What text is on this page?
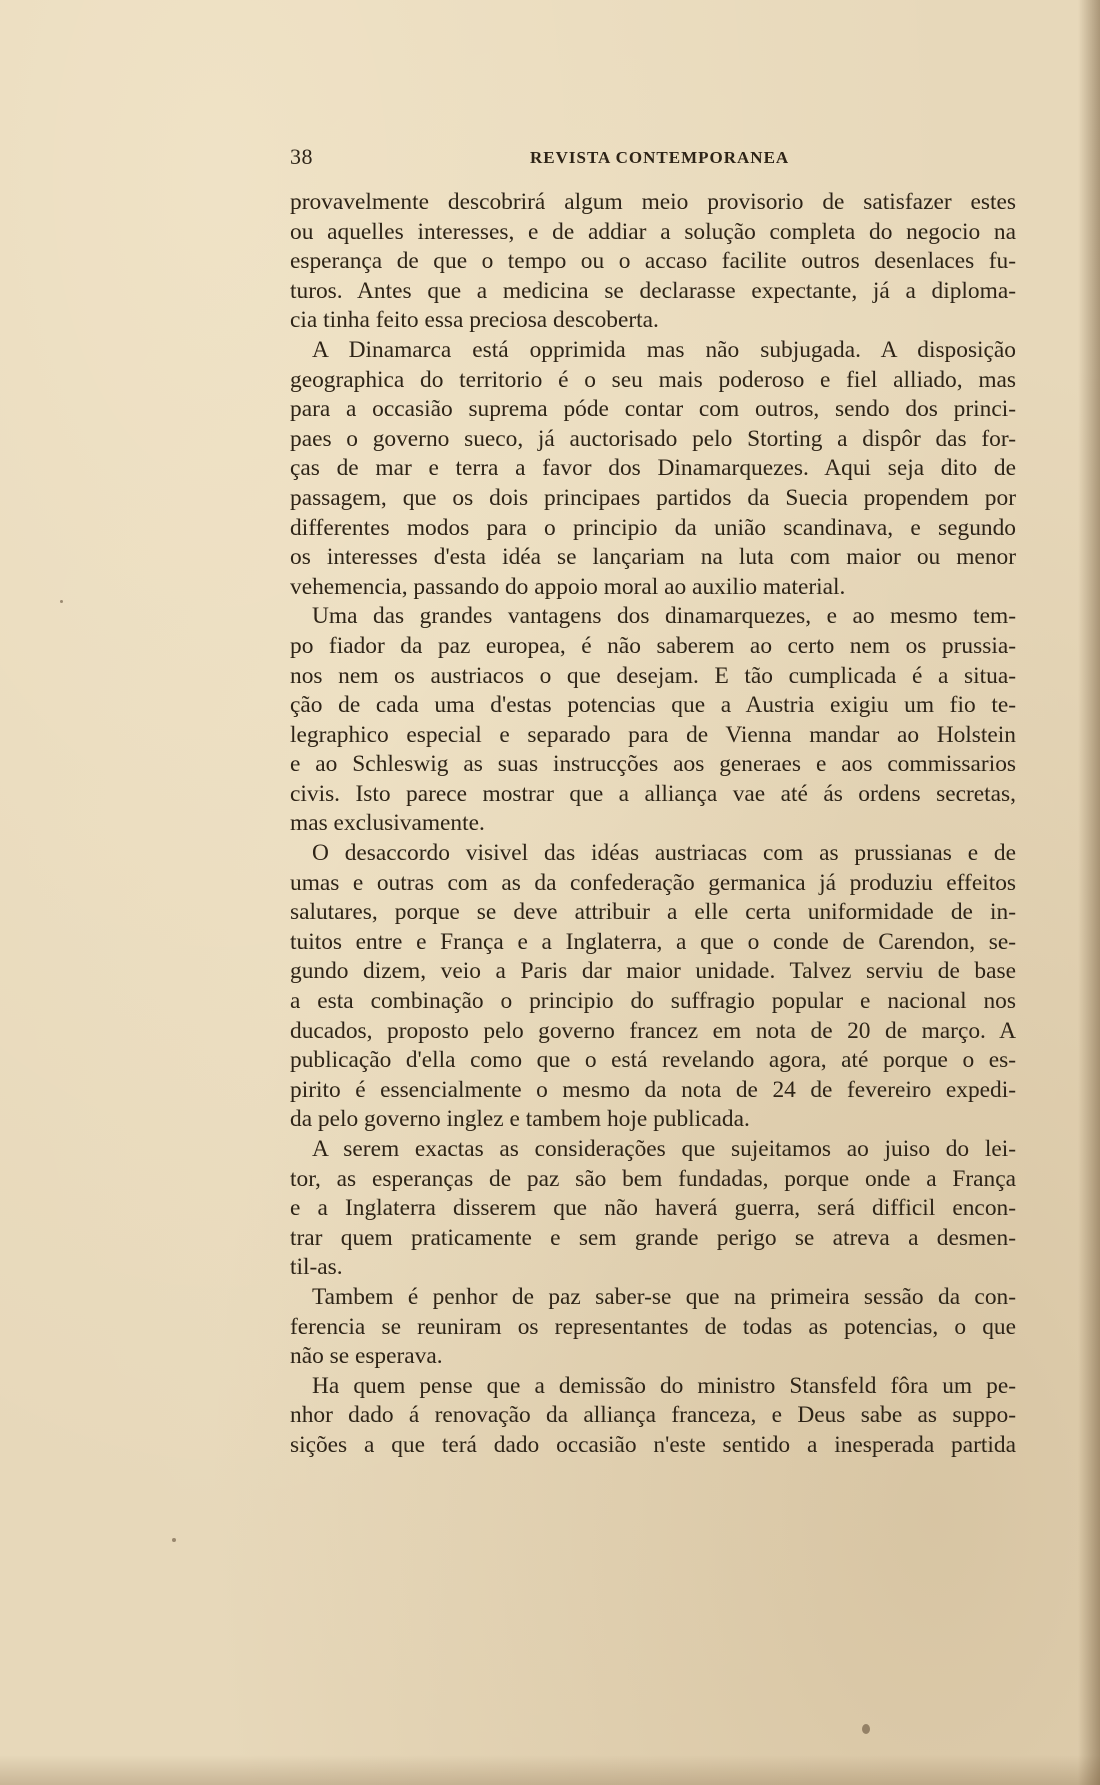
38	REVISTA CONTEMPORANEA
provavelmente descobrirá algum meio provisorio de satisfazer estes
ou aquelles interesses, e de addiar a solução completa do negocio na
esperança de que o tempo ou o accaso facilite outros desenlaces fu-
turos. Antes que a medicina se declarasse expectante, já a diploma-
cia tinha feito essa preciosa descoberta.
A Dinamarca está opprimida mas não subjugada. A disposição
geographica do territorio é o seu mais poderoso e fiel alliado, mas
para a occasião suprema póde contar com outros, sendo dos princi-
paes o governo sueco, já auctorisado pelo Storting a dispôr das for-
ças de mar e terra a favor dos Dinamarquezes. Aqui seja dito de
passagem, que os dois principaes partidos da Suecia propendem por
differentes modos para o principio da união scandinava, e segundo
os interesses d'esta idéa se lançariam na luta com maior ou menor
vehemencia, passando do appoio moral ao auxilio material.
Uma das grandes vantagens dos dinamarquezes, e ao mesmo tem-
po fiador da paz europea, é não saberem ao certo nem os prussia-
nos nem os austriacos o que desejam. E tão cumplicada é a situa-
ção de cada uma d'estas potencias que a Austria exigiu um fio te-
legraphico especial e separado para de Vienna mandar ao Holstein
e ao Schleswig as suas instrucções aos generaes e aos commissarios
civis. Isto parece mostrar que a alliança vae até ás ordens secretas,
mas exclusivamente.
O desaccordo visivel das idéas austriacas com as prussianas e de
umas e outras com as da confederação germanica já produziu effeitos
salutares, porque se deve attribuir a elle certa uniformidade de in-
tuitos entre e França e a Inglaterra, a que o conde de Carendon, se-
gundo dizem, veio a Paris dar maior unidade. Talvez serviu de base
a esta combinação o principio do suffragio popular e nacional nos
ducados, proposto pelo governo francez em nota de 20 de março. A
publicação d'ella como que o está revelando agora, até porque o es-
pirito é essencialmente o mesmo da nota de 24 de fevereiro expedi-
da pelo governo inglez e tambem hoje publicada.
A serem exactas as considerações que sujeitamos ao juiso do lei-
tor, as esperanças de paz são bem fundadas, porque onde a França
e a Inglaterra disserem que não haverá guerra, será difficil encon-
trar quem praticamente e sem grande perigo se atreva a desmen-
til-as.
Tambem é penhor de paz saber-se que na primeira sessão da con-
ferencia se reuniram os representantes de todas as potencias, o que
não se esperava.
Ha quem pense que a demissão do ministro Stansfeld fôra um pe-
nhor dado á renovação da alliança franceza, e Deus sabe as suppo-
sições a que terá dado occasião n'este sentido a inesperada partida
